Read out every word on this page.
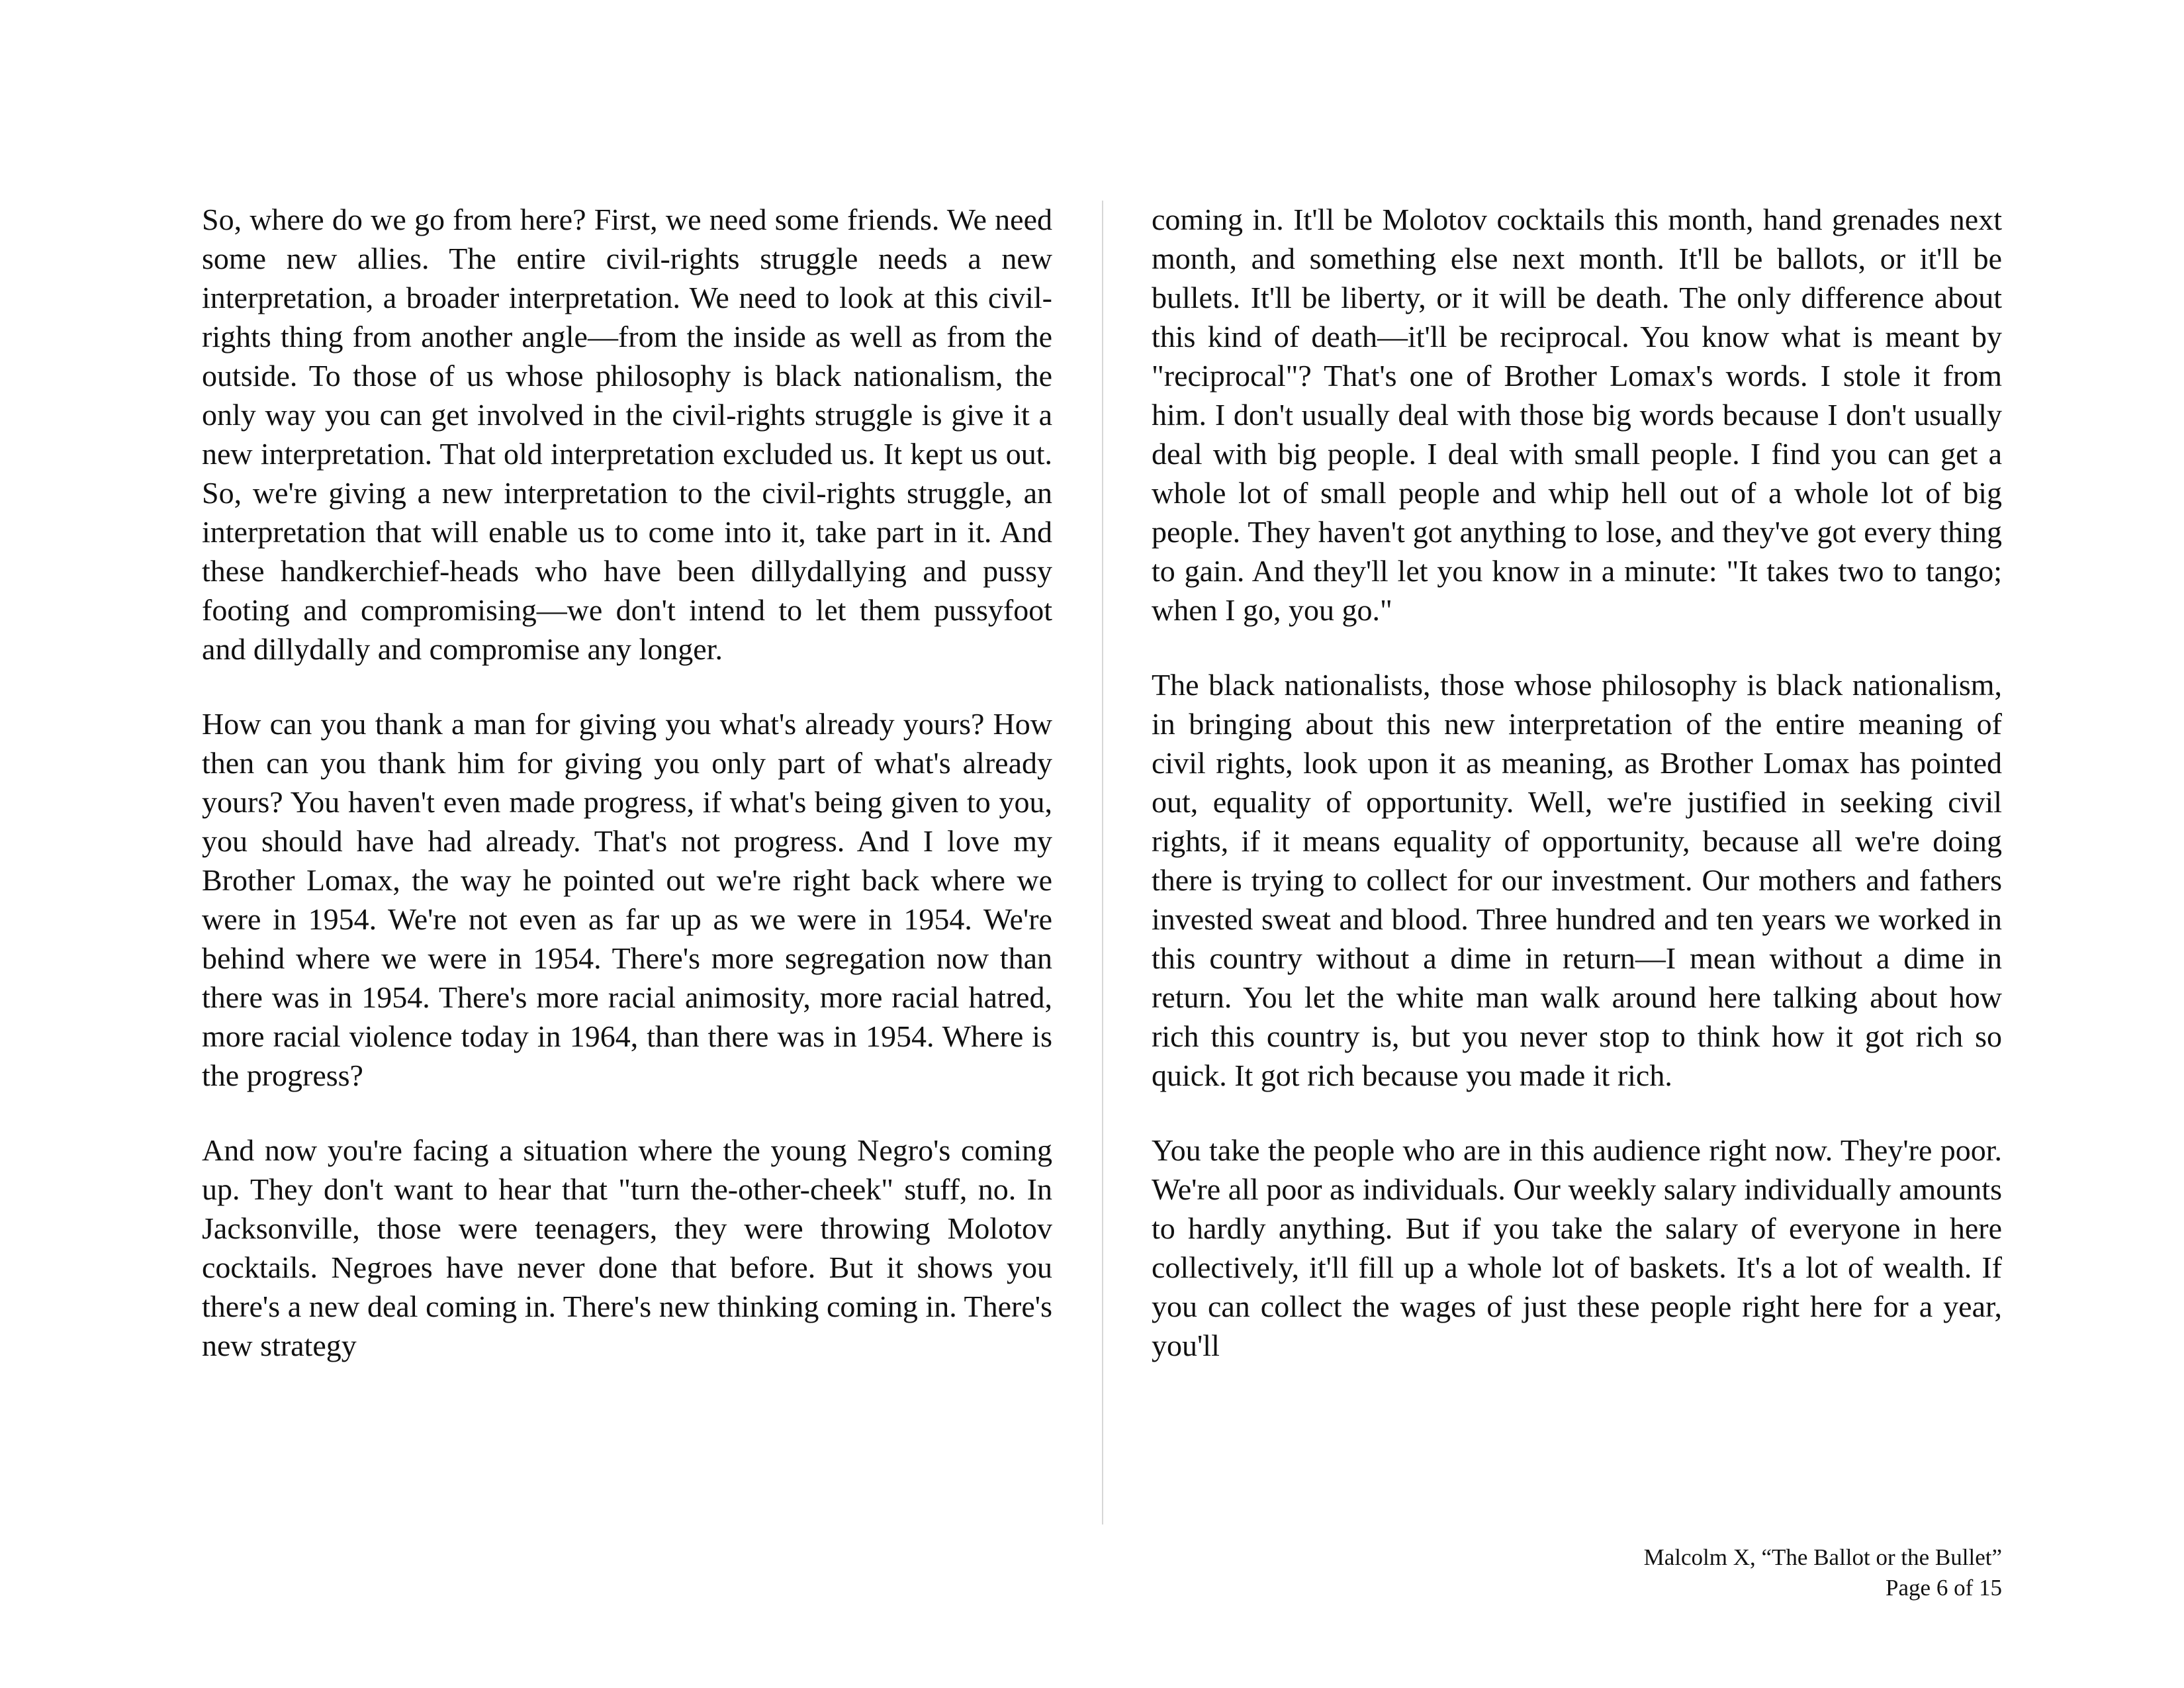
So, where do we go from here? First, we need some friends. We need some new allies. The entire civil-rights struggle needs a new interpretation, a broader interpretation. We need to look at this civil-rights thing from another angle—from the inside as well as from the outside. To those of us whose philosophy is black nationalism, the only way you can get involved in the civil-rights struggle is give it a new interpretation. That old interpretation excluded us. It kept us out. So, we're giving a new interpretation to the civil-rights struggle, an interpretation that will enable us to come into it, take part in it. And these handkerchief-heads who have been dillydallying and pussy footing and compromising—we don't intend to let them pussyfoot and dillydally and compromise any longer.

How can you thank a man for giving you what's already yours? How then can you thank him for giving you only part of what's already yours? You haven't even made progress, if what's being given to you, you should have had already. That's not progress. And I love my Brother Lomax, the way he pointed out we're right back where we were in 1954. We're not even as far up as we were in 1954. We're behind where we were in 1954. There's more segregation now than there was in 1954. There's more racial animosity, more racial hatred, more racial violence today in 1964, than there was in 1954. Where is the progress?

And now you're facing a situation where the young Negro's coming up. They don't want to hear that "turn the-other-cheek" stuff, no. In Jacksonville, those were teenagers, they were throwing Molotov cocktails. Negroes have never done that before. But it shows you there's a new deal coming in. There's new thinking coming in. There's new strategy

coming in. It'll be Molotov cocktails this month, hand grenades next month, and something else next month. It'll be ballots, or it'll be bullets. It'll be liberty, or it will be death. The only difference about this kind of death—it'll be reciprocal. You know what is meant by "reciprocal"? That's one of Brother Lomax's words. I stole it from him. I don't usually deal with those big words because I don't usually deal with big people. I deal with small people. I find you can get a whole lot of small people and whip hell out of a whole lot of big people. They haven't got anything to lose, and they've got every thing to gain. And they'll let you know in a minute: "It takes two to tango; when I go, you go."

The black nationalists, those whose philosophy is black nationalism, in bringing about this new interpretation of the entire meaning of civil rights, look upon it as meaning, as Brother Lomax has pointed out, equality of opportunity. Well, we're justified in seeking civil rights, if it means equality of opportunity, because all we're doing there is trying to collect for our investment. Our mothers and fathers invested sweat and blood. Three hundred and ten years we worked in this country without a dime in return—I mean without a dime in return. You let the white man walk around here talking about how rich this country is, but you never stop to think how it got rich so quick. It got rich because you made it rich.

You take the people who are in this audience right now. They're poor. We're all poor as individuals. Our weekly salary individually amounts to hardly anything. But if you take the salary of everyone in here collectively, it'll fill up a whole lot of baskets. It's a lot of wealth. If you can collect the wages of just these people right here for a year, you'll

Malcolm X, “The Ballot or the Bullet”
Page 6 of 15
